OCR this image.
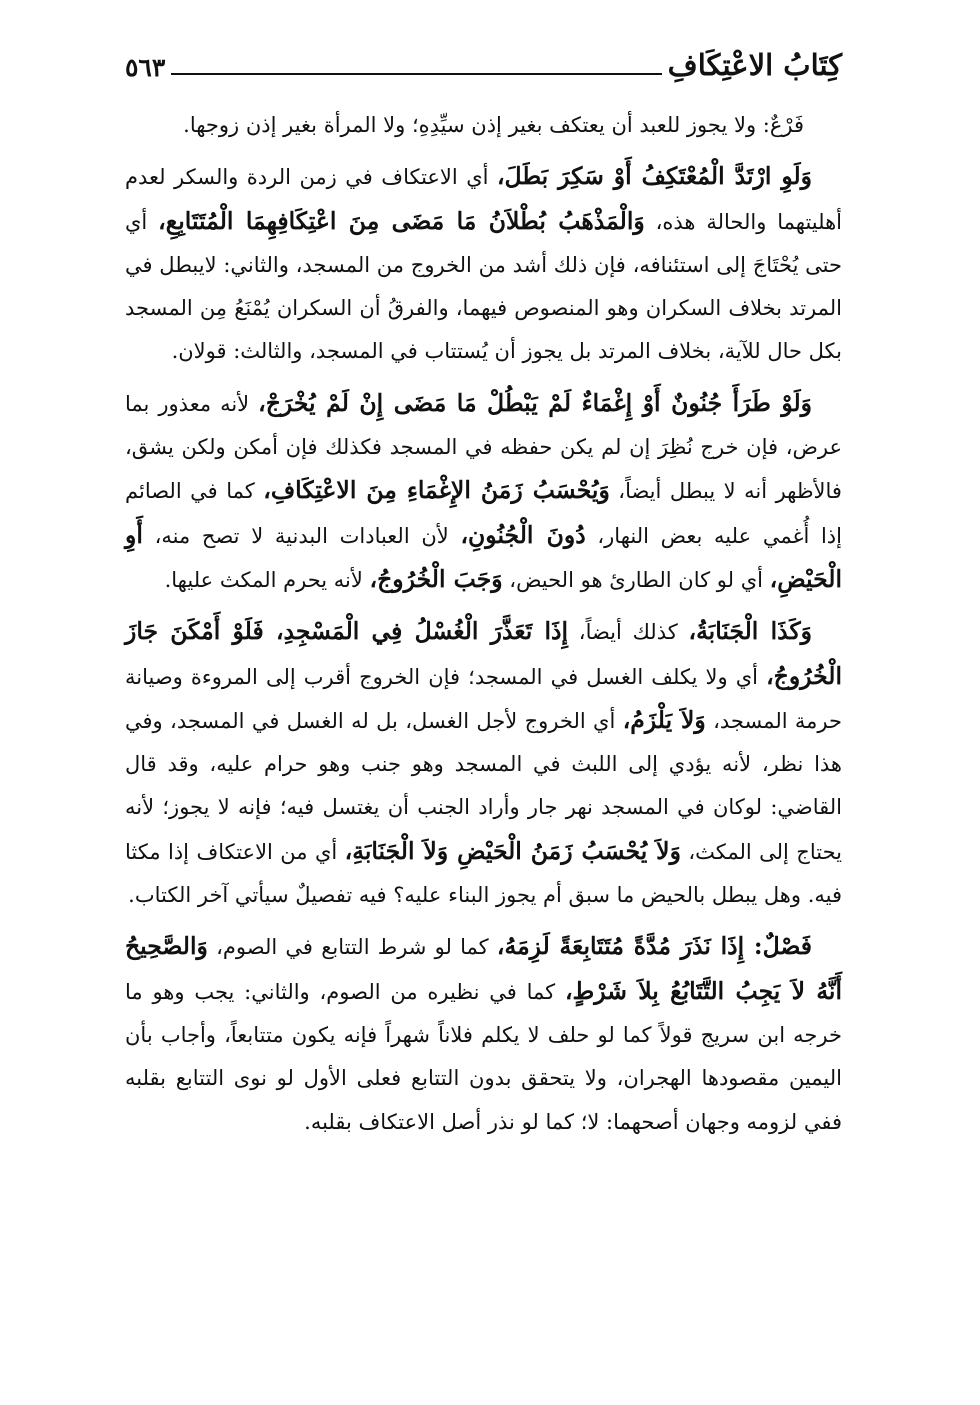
كِتَابُ الاعْتِكَافِ
٥٦٣

فَرْعٌ: ولا يجوز للعبد أن يعتكف بغير إذن سيِّدِهِ؛ ولا المرأة بغير إذن زوجها.

وَلَوِ ارْتَدَّ الْمُعْتَكِفُ أَوْ سَكِرَ بَطَلَ، أي الاعتكاف في زمن الردة والسكر لعدم أهليتهما والحالة هذه، وَالْمَذْهَبُ بُطْلاَنُ مَا مَضَى مِنَ اعْتِكَافِهِمَا الْمُتَتَابِعِ، أي حتى يُحْتَاجَ إلى استئنافه، فإن ذلك أشد من الخروج من المسجد، والثاني: لايبطل في المرتد بخلاف السكران وهو المنصوص فيهما، والفرقُ أن السكران يُمْنَعُ مِن المسجد بكل حال للآية، بخلاف المرتد بل يجوز أن يُستتاب في المسجد، والثالث: قولان.

وَلَوْ طَرَأَ جُنُونٌ أَوْ إِغْمَاءٌ لَمْ يَبْطُلْ مَا مَضَى إِنْ لَمْ يُخْرَجْ، لأنه معذور بما عرض، فإن خرج نُظِرَ إن لم يكن حفظه في المسجد فكذلك فإن أمكن ولكن يشق، فالأظهر أنه لا يبطل أيضاً، وَيُحْسَبُ زَمَنُ الإِغْمَاءِ مِنَ الاعْتِكَافِ، كما في الصائم إذا أُغمي عليه بعض النهار، دُونَ الْجُنُونِ، لأن العبادات البدنية لا تصح منه، أَوِ الْحَيْضِ، أي لو كان الطارئ هو الحيض، وَجَبَ الْخُرُوجُ، لأنه يحرم المكث عليها.

وَكَذَا الْجَنَابَةُ، كذلك أيضاً، إِذَا تَعَذَّرَ الْغُسْلُ فِي الْمَسْجِدِ، فَلَوْ أَمْكَنَ جَازَ الْخُرُوجُ، أي ولا يكلف الغسل في المسجد؛ فإن الخروج أقرب إلى المروءة وصيانة حرمة المسجد، وَلاَ يَلْزَمُ، أي الخروج لأجل الغسل، بل له الغسل في المسجد، وفي هذا نظر، لأنه يؤدي إلى اللبث في المسجد وهو جنب وهو حرام عليه، وقد قال القاضي: لوكان في المسجد نهر جار وأراد الجنب أن يغتسل فيه؛ فإنه لا يجوز؛ لأنه يحتاج إلى المكث، وَلاَ يُحْسَبُ زَمَنُ الْحَيْضِ وَلاَ الْجَنَابَةِ، أي من الاعتكاف إذا مكثا فيه. وهل يبطل بالحيض ما سبق أم يجوز البناء عليه؟ فيه تفصيلٌ سيأتي آخر الكتاب.

فَصْلٌ: إِذَا نَذَرَ مُدَّةً مُتَتَابِعَةً لَزِمَهُ، كما لو شرط التتابع في الصوم، وَالصَّحِيحُ أَنَّهُ لاَ يَجِبُ التَّتَابُعُ بِلاَ شَرْطٍ، كما في نظيره من الصوم، والثاني: يجب وهو ما خرجه ابن سريج قولاً كما لو حلف لا يكلم فلاناً شهراً فإنه يكون متتابعاً، وأجاب بأن اليمين مقصودها الهجران، ولا يتحقق بدون التتابع فعلى الأول لو نوى التتابع بقلبه ففي لزومه وجهان أصحهما: لا؛ كما لو نذر أصل الاعتكاف بقلبه.
